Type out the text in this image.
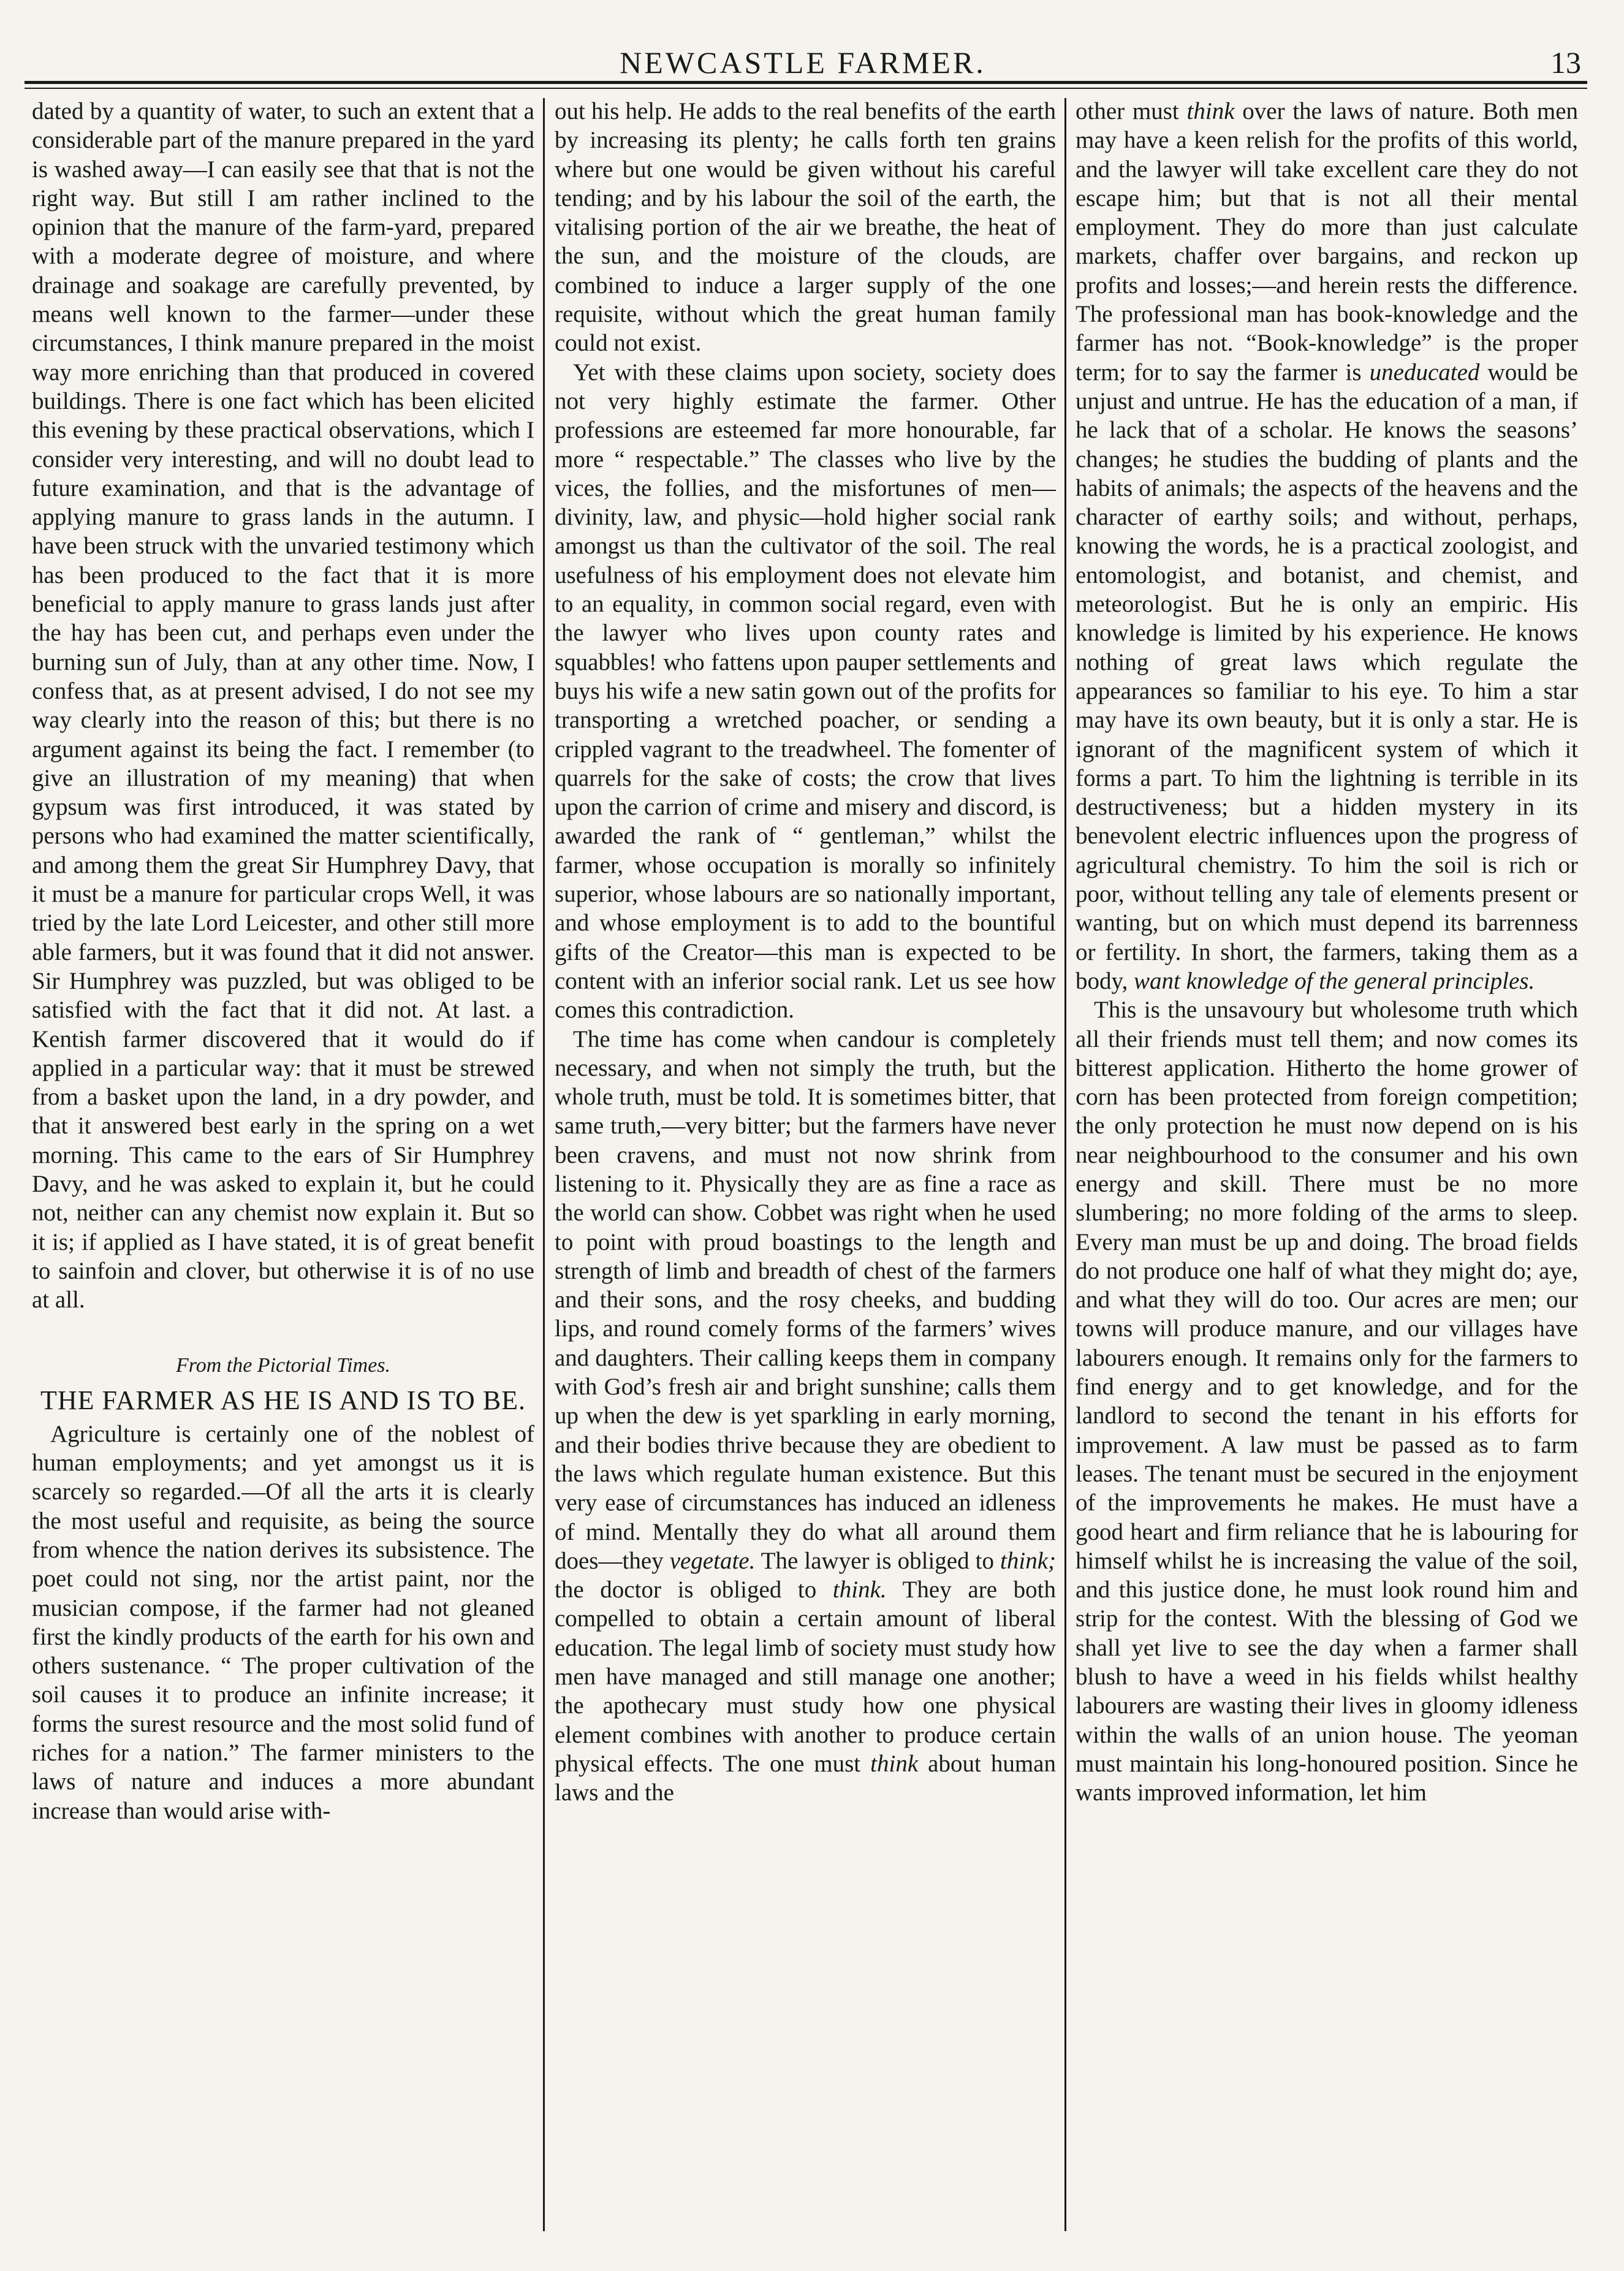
NEWCASTLE FARMER.	13

dated by a quantity of water, to such an extent that a considerable part of the manure prepared in the yard is washed away—I can easily see that that is not the right way. But still I am rather inclined to the opinion that the manure of the farm-yard, prepared with a moderate degree of moisture, and where drainage and soakage are carefully prevented, by means well known to the farmer—under these circumstances, I think manure prepared in the moist way more enriching than that produced in covered buildings. There is one fact which has been elicited this evening by these practical observations, which I consider very interesting, and will no doubt lead to future examination, and that is the advantage of applying manure to grass lands in the autumn. I have been struck with the unvaried testimony which has been produced to the fact that it is more beneficial to apply manure to grass lands just after the hay has been cut, and perhaps even under the burning sun of July, than at any other time. Now, I confess that, as at present advised, I do not see my way clearly into the reason of this; but there is no argument against its being the fact. I remember (to give an illustration of my meaning) that when gypsum was first introduced, it was stated by persons who had examined the matter scientifically, and among them the great Sir Humphrey Davy, that it must be a manure for particular crops Well, it was tried by the late Lord Leicester, and other still more able farmers, but it was found that it did not answer. Sir Humphrey was puzzled, but was obliged to be satisfied with the fact that it did not. At last. a Kentish farmer discovered that it would do if applied in a particular way: that it must be strewed from a basket upon the land, in a dry powder, and that it answered best early in the spring on a wet morning. This came to the ears of Sir Humphrey Davy, and he was asked to explain it, but he could not, neither can any chemist now explain it. But so it is; if applied as I have stated, it is of great benefit to sainfoin and clover, but otherwise it is of no use at all.

From the Pictorial Times.
THE FARMER AS HE IS AND IS TO BE.

Agriculture is certainly one of the noblest of human employments; and yet amongst us it is scarcely so regarded.—Of all the arts it is clearly the most useful and requisite, as being the source from whence the nation derives its subsistence. The poet could not sing, nor the artist paint, nor the musician compose, if the farmer had not gleaned first the kindly products of the earth for his own and others sustenance. “ The proper cultivation of the soil causes it to produce an infinite increase; it forms the surest resource and the most solid fund of riches for a nation.” The farmer ministers to the laws of nature and induces a more abundant increase than would arise with-

out his help. He adds to the real benefits of the earth by increasing its plenty; he calls forth ten grains where but one would be given without his careful tending; and by his labour the soil of the earth, the vitalising portion of the air we breathe, the heat of the sun, and the moisture of the clouds, are combined to induce a larger supply of the one requisite, without which the great human family could not exist.

Yet with these claims upon society, society does not very highly estimate the farmer. Other professions are esteemed far more honourable, far more “ respectable.” The classes who live by the vices, the follies, and the misfortunes of men—divinity, law, and physic—hold higher social rank amongst us than the cultivator of the soil. The real usefulness of his employment does not elevate him to an equality, in common social regard, even with the lawyer who lives upon county rates and squabbles! who fattens upon pauper settlements and buys his wife a new satin gown out of the profits for transporting a wretched poacher, or sending a crippled vagrant to the treadwheel. The fomenter of quarrels for the sake of costs; the crow that lives upon the carrion of crime and misery and discord, is awarded the rank of “ gentleman,” whilst the farmer, whose occupation is morally so infinitely superior, whose labours are so nationally important, and whose employment is to add to the bountiful gifts of the Creator—this man is expected to be content with an inferior social rank. Let us see how comes this contradiction.

The time has come when candour is completely necessary, and when not simply the truth, but the whole truth, must be told. It is sometimes bitter, that same truth,—very bitter; but the farmers have never been cravens, and must not now shrink from listening to it. Physically they are as fine a race as the world can show. Cobbet was right when he used to point with proud boastings to the length and strength of limb and breadth of chest of the farmers and their sons, and the rosy cheeks, and budding lips, and round comely forms of the farmers’ wives and daughters. Their calling keeps them in company with God’s fresh air and bright sunshine; calls them up when the dew is yet sparkling in early morning, and their bodies thrive because they are obedient to the laws which regulate human existence. But this very ease of circumstances has induced an idleness of mind. Mentally they do what all around them does—they vegetate. The lawyer is obliged to think; the doctor is obliged to think. They are both compelled to obtain a certain amount of liberal education. The legal limb of society must study how men have managed and still manage one another; the apothecary must study how one physical element combines with another to produce certain physical effects. The one must think about human laws and the

other must think over the laws of nature. Both men may have a keen relish for the profits of this world, and the lawyer will take excellent care they do not escape him; but that is not all their mental employment. They do more than just calculate markets, chaffer over bargains, and reckon up profits and losses;—and herein rests the difference. The professional man has book-knowledge and the farmer has not. “Book-knowledge” is the proper term; for to say the farmer is uneducated would be unjust and untrue. He has the education of a man, if he lack that of a scholar. He knows the seasons’ changes; he studies the budding of plants and the habits of animals; the aspects of the heavens and the character of earthy soils; and without, perhaps, knowing the words, he is a practical zoologist, and entomologist, and botanist, and chemist, and meteorologist. But he is only an empiric. His knowledge is limited by his experience. He knows nothing of great laws which regulate the appearances so familiar to his eye. To him a star may have its own beauty, but it is only a star. He is ignorant of the magnificent system of which it forms a part. To him the lightning is terrible in its destructiveness; but a hidden mystery in its benevolent electric influences upon the progress of agricultural chemistry. To him the soil is rich or poor, without telling any tale of elements present or wanting, but on which must depend its barrenness or fertility. In short, the farmers, taking them as a body, want knowledge of the general principles.

This is the unsavoury but wholesome truth which all their friends must tell them; and now comes its bitterest application. Hitherto the home grower of corn has been protected from foreign competition; the only protection he must now depend on is his near neighbourhood to the consumer and his own energy and skill. There must be no more slumbering; no more folding of the arms to sleep. Every man must be up and doing. The broad fields do not produce one half of what they might do; aye, and what they will do too. Our acres are men; our towns will produce manure, and our villages have labourers enough. It remains only for the farmers to find energy and to get knowledge, and for the landlord to second the tenant in his efforts for improvement. A law must be passed as to farm leases. The tenant must be secured in the enjoyment of the improvements he makes. He must have a good heart and firm reliance that he is labouring for himself whilst he is increasing the value of the soil, and this justice done, he must look round him and strip for the contest. With the blessing of God we shall yet live to see the day when a farmer shall blush to have a weed in his fields whilst healthy labourers are wasting their lives in gloomy idleness within the walls of an union house. The yeoman must maintain his long-honoured position. Since he wants improved information, let him
